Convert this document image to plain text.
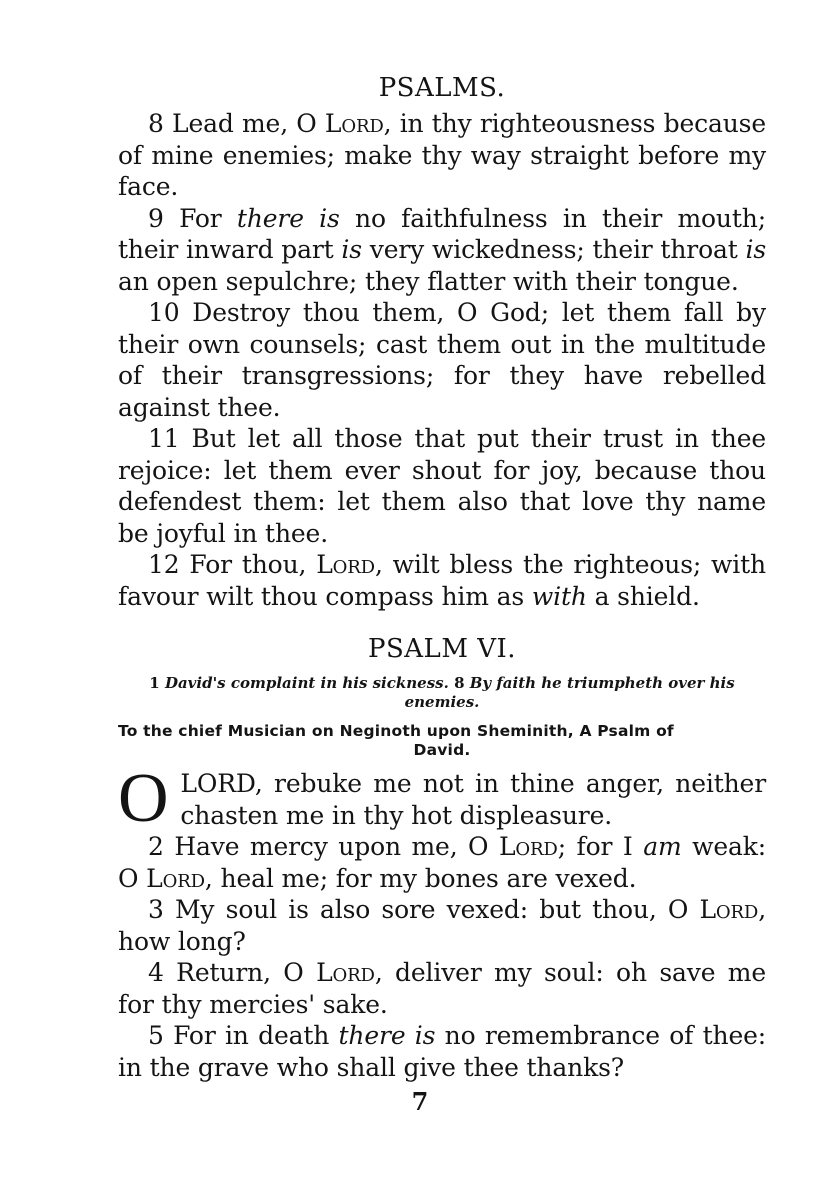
PSALMS.

8 Lead me, O Lord, in thy righteousness because of mine enemies; make thy way straight before my face.

9 For there is no faithfulness in their mouth; their inward part is very wickedness; their throat is an open sepulchre; they flatter with their tongue.

10 Destroy thou them, O God; let them fall by their own counsels; cast them out in the multitude of their transgressions; for they have rebelled against thee.

11 But let all those that put their trust in thee rejoice: let them ever shout for joy, because thou defendest them: let them also that love thy name be joyful in thee.

12 For thou, Lord, wilt bless the righteous; with favour wilt thou compass him as with a shield.

PSALM VI.
1 David's complaint in his sickness. 8 By faith he triumpheth over his enemies.
To the chief Musician on Neginoth upon Sheminith, A Psalm of
David.

O LORD, rebuke me not in thine anger, neither chasten me in thy hot displeasure.

2 Have mercy upon me, O Lord; for I am weak: O Lord, heal me; for my bones are vexed.

3 My soul is also sore vexed: but thou, O Lord, how long?

4 Return, O Lord, deliver my soul: oh save me for thy mercies' sake.

5 For in death there is no remembrance of thee: in the grave who shall give thee thanks?

7
